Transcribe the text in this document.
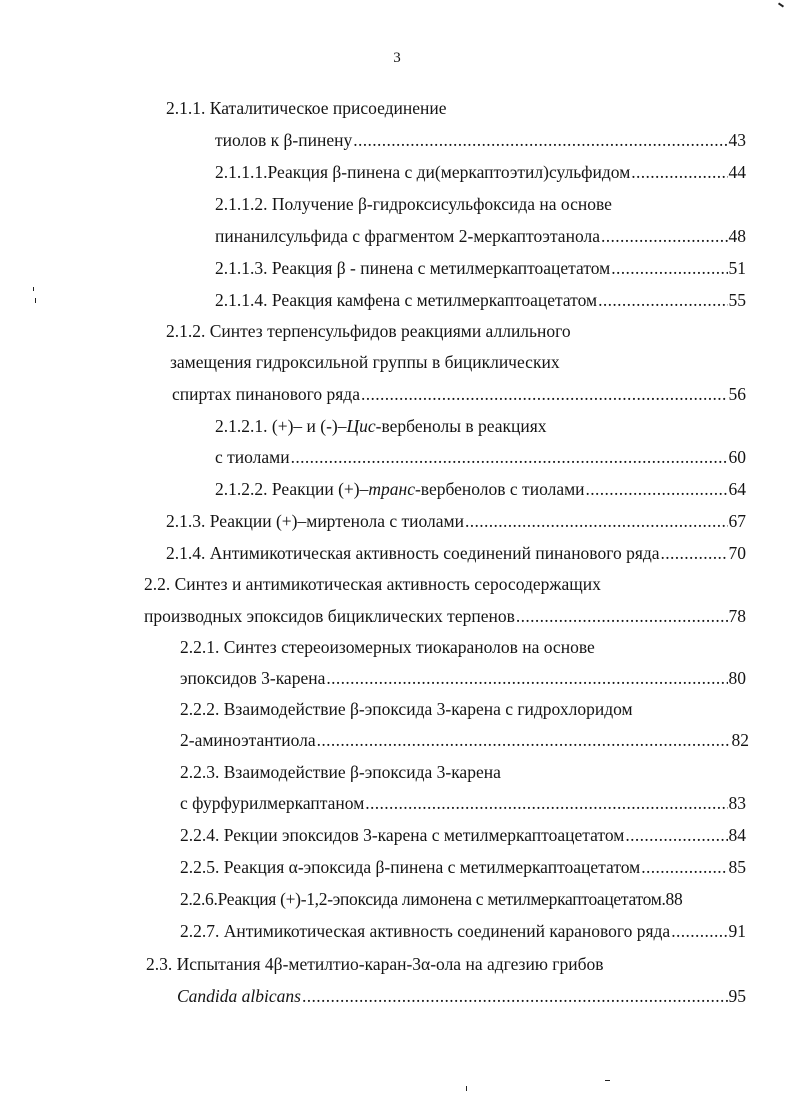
3
2.1.1. Каталитическое присоединение
тиолов к β-пинену . . .	43
2.1.1.1.Реакция β-пинена с ди(меркаптоэтил)сульфидом . . .	44
2.1.1.2. Получение β-гидроксисульфоксида на основе
пинанилсульфида с фрагментом 2-меркаптоэтанола . . .	48
2.1.1.3. Реакция β - пинена с метилмеркаптоацетатом . . .	51
2.1.1.4. Реакция камфена с метилмеркаптоацетатом . . .	55
2.1.2. Синтез терпенсульфидов реакциями аллильного
замещения гидроксильной группы в бициклических
спиртах пинанового ряда . . .	56
2.1.2.1. (+)– и (-)–Цис-вербенолы в реакциях
с тиолами . . .	60
2.1.2.2. Реакции (+)–транс-вербенолов с тиолами . . .	64
2.1.3. Реакции (+)–миртенола с тиолами . . .	67
2.1.4. Антимикотическая активность соединений пинанового ряда . . .	70
2.2. Синтез и антимикотическая активность серосодержащих
производных эпоксидов бициклических терпенов . . .	78
2.2.1. Синтез стереоизомерных тиокаранолов на основе
эпоксидов 3-карена . . .	80
2.2.2. Взаимодействие β-эпоксида 3-карена с гидрохлоридом
2-аминоэтантиола . . .	82
2.2.3. Взаимодействие β-эпоксида 3-карена
с фурфурилмеркаптаном . . .	83
2.2.4. Рекции эпоксидов 3-карена с метилмеркаптоацетатом . . .	84
2.2.5. Реакция α-эпоксида β-пинена с метилмеркаптоацетатом . . .	85
2.2.6.Реакция (+)-1,2-эпоксида лимонена с метилмеркаптоацетатом.88
2.2.7. Антимикотическая активность соединений каранового ряда . . .	91
2.3. Испытания 4β-метилтио-каран-3α-ола на адгезию грибов
Candida albicans . . .	95
